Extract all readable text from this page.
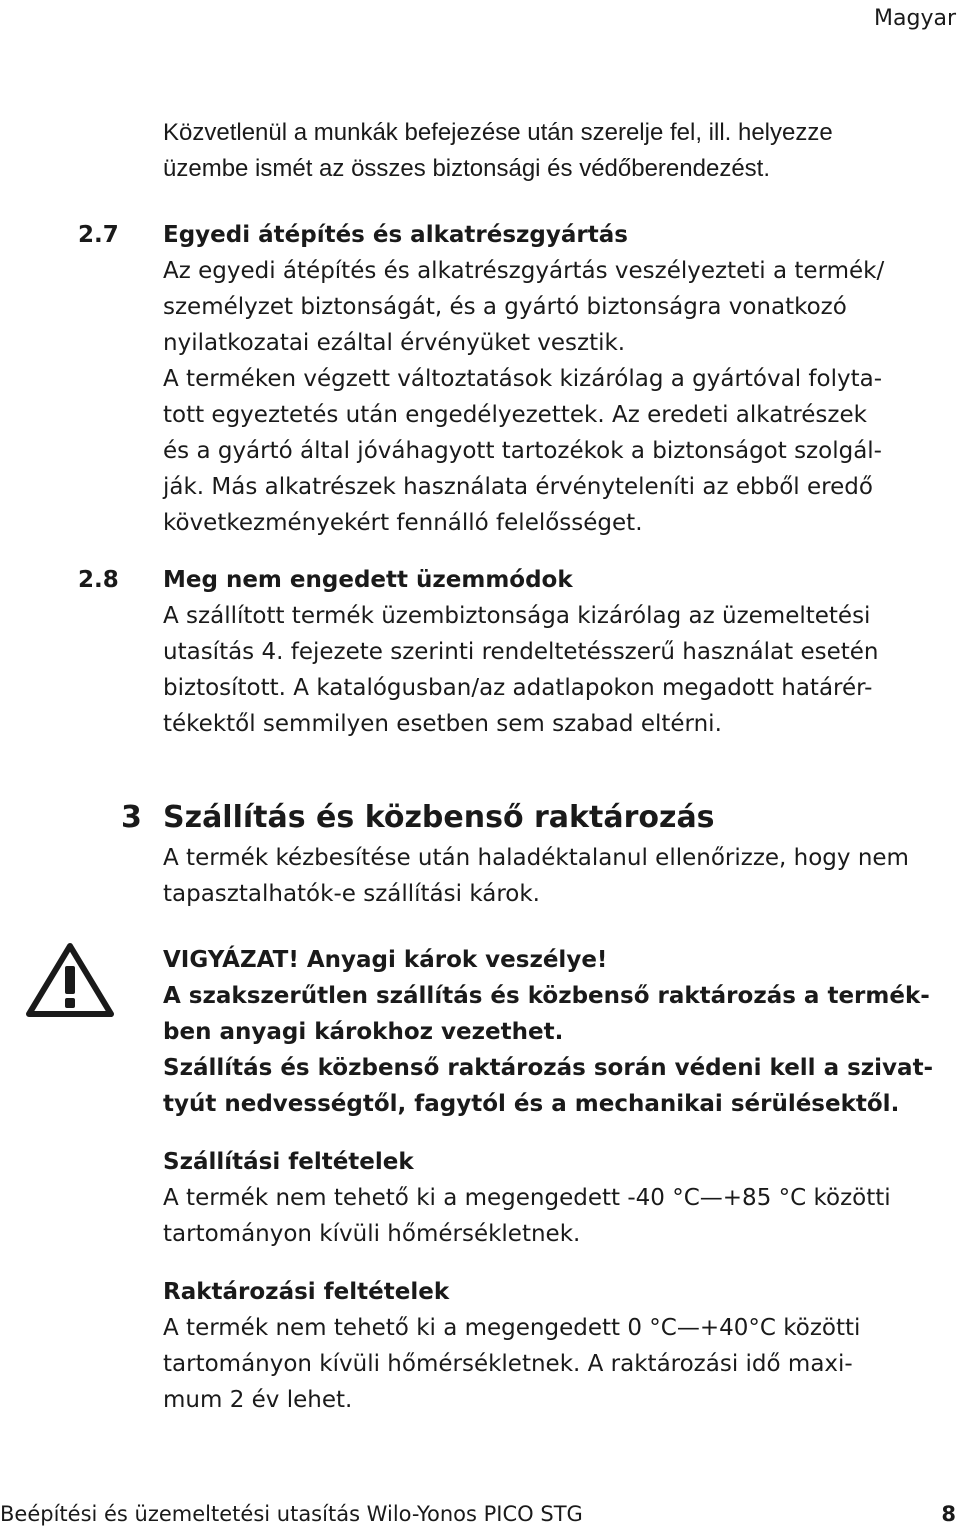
Magyar

Közvetlenül a munkák befejezése után szerelje fel, ill. helyezze

üzembe ismét az összes biztonsági és védőberendezést.

2.7 Egyedi átépítés és alkatrészgyártás

Az egyedi átépítés és alkatrészgyártás veszélyezteti a termék/

személyzet biztonságát, és a gyártó biztonságra vonatkozó

nyilatkozatai ezáltal érvényüket vesztik.

A terméken végzett változtatások kizárólag a gyártóval folyta-

tott egyeztetés után engedélyezettek. Az eredeti alkatrészek

és a gyártó által jóváhagyott tartozékok a biztonságot szolgál-

ják. Más alkatrészek használata érvényteleníti az ebből eredő

következményekért fennálló felelősséget.

2.8 Meg nem engedett üzemmódok

A szállított termék üzembiztonsága kizárólag az üzemeltetési

utasítás 4. fejezete szerinti rendeltetésszerű használat esetén

biztosított. A katalógusban/az adatlapokon megadott határér-

tékektől semmilyen esetben sem szabad eltérni.

3 Szállítás és közbenső raktározás

A termék kézbesítése után haladéktalanul ellenőrizze, hogy nem

tapasztalhatók-e szállítási károk.

VIGYÁZAT! Anyagi károk veszélye!

A szakszerűtlen szállítás és közbenső raktározás a termék-

ben anyagi károkhoz vezethet.

Szállítás és közbenső raktározás során védeni kell a szivat-

tyút nedvességtől, fagytól és a mechanikai sérülésektől.

Szállítási feltételek

A termék nem tehető ki a megengedett -40 °C—+85 °C közötti

tartományon kívüli hőmérsékletnek.

Raktározási feltételek

A termék nem tehető ki a megengedett 0 °C—+40°C közötti

tartományon kívüli hőmérsékletnek. A raktározási idő maxi-

mum 2 év lehet.

Beépítési és üzemeltetési utasítás Wilo-Yonos PICO STG	8
